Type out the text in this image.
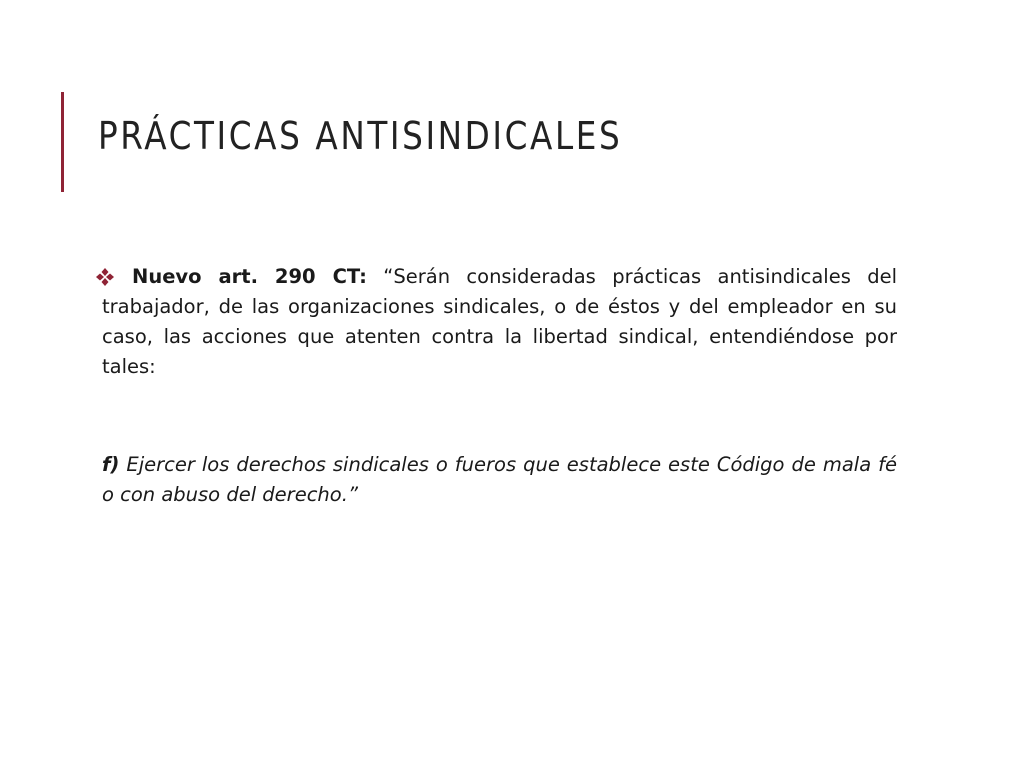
PRÁCTICAS ANTISINDICALES

Nuevo art. 290 CT: “Serán consideradas prácticas antisindicales del trabajador, de las organizaciones sindicales, o de éstos y del empleador en su caso, las acciones que atenten contra la libertad sindical, entendiéndose por tales:

f) Ejercer los derechos sindicales o fueros que establece este Código de mala fé o con abuso del derecho.”
